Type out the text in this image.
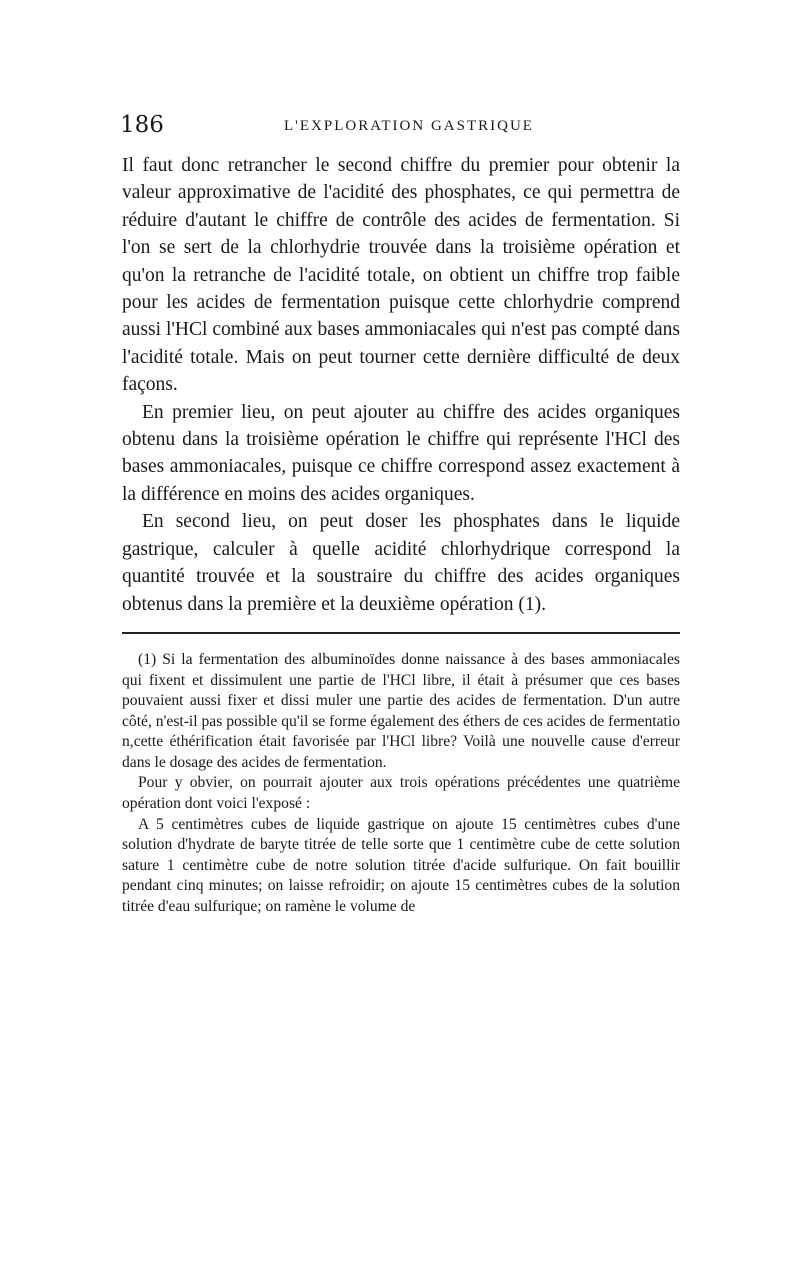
186	L'EXPLORATION GASTRIQUE

Il faut donc retrancher le second chiffre du premier pour obtenir la valeur approximative de l'acidité des phosphates, ce qui permettra de réduire d'autant le chiffre de contrôle des acides de fermentation. Si l'on se sert de la chlorhydrie trouvée dans la troisième opération et qu'on la retranche de l'acidité totale, on obtient un chiffre trop faible pour les acides de fermentation puisque cette chlorhydrie comprend aussi l'HCl combiné aux bases ammoniacales qui n'est pas compté dans l'acidité totale. Mais on peut tourner cette dernière difficulté de deux façons.

En premier lieu, on peut ajouter au chiffre des acides organiques obtenu dans la troisième opération le chiffre qui représente l'HCl des bases ammoniacales, puisque ce chiffre correspond assez exactement à la différence en moins des acides organiques.

En second lieu, on peut doser les phosphates dans le liquide gastrique, calculer à quelle acidité chlorhydrique correspond la quantité trouvée et la soustraire du chiffre des acides organiques obtenus dans la première et la deuxième opération (1).

(1) Si la fermentation des albuminoïdes donne naissance à des bases ammoniacales qui fixent et dissimulent une partie de l'HCl libre, il était à présumer que ces bases pouvaient aussi fixer et dissi muler une partie des acides de fermentation. D'un autre côté, n'est-il pas possible qu'il se forme également des éthers de ces acides de fermentatio n,cette éthérification était favorisée par l'HCl libre? Voilà une nouvelle cause d'erreur dans le dosage des acides de fermentation.

Pour y obvier, on pourrait ajouter aux trois opérations précédentes une quatrième opération dont voici l'exposé :

A 5 centimètres cubes de liquide gastrique on ajoute 15 centimètres cubes d'une solution d'hydrate de baryte titrée de telle sorte que 1 centimètre cube de cette solution sature 1 centimètre cube de notre solution titrée d'acide sulfurique. On fait bouillir pendant cinq minutes; on laisse refroidir; on ajoute 15 centimètres cubes de la solution titrée d'eau sulfurique; on ramène le volume de
